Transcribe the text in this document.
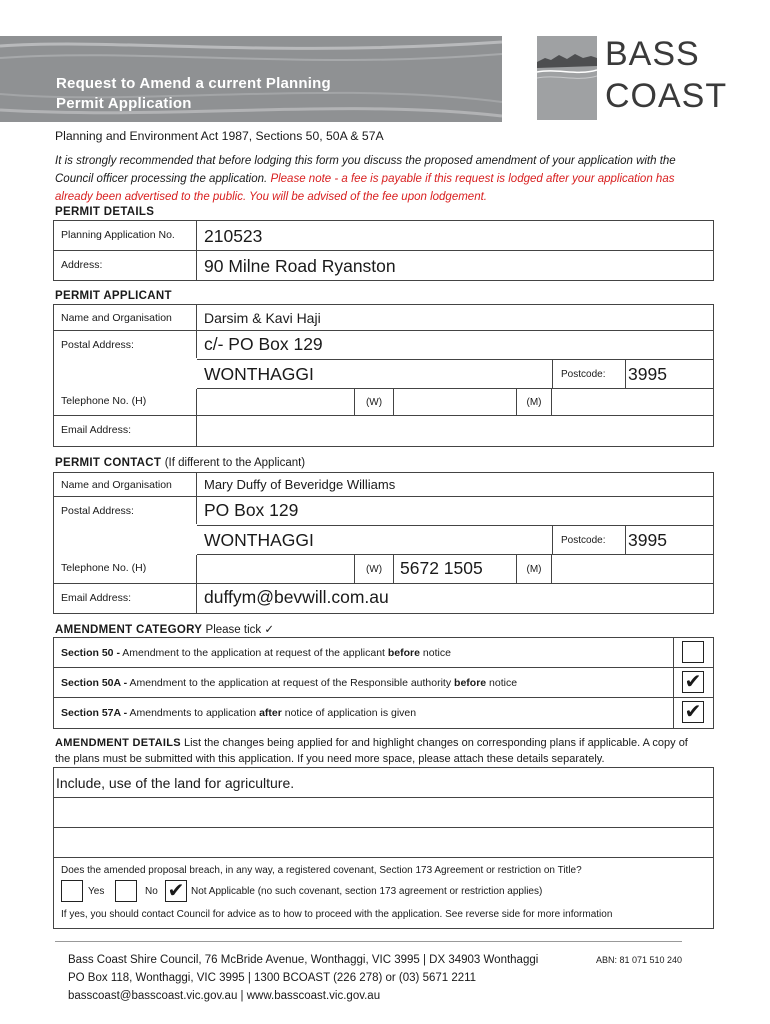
Request to Amend a current Planning
Permit Application
BASS
COAST
Planning and Environment Act 1987, Sections 50, 50A & 57A
It is strongly recommended that before lodging this form you discuss the proposed amendment of your application with the Council officer processing the application. Please note - a fee is payable if this request is lodged after your application has already been advertised to the public. You will be advised of the fee upon lodgement.
PERMIT DETAILS
Planning Application No.	210523
Address:	90 Milne Road Ryanston
PERMIT APPLICANT
Name and Organisation	Darsim & Kavi Haji
Postal Address:	c/- PO Box 129
WONTHAGGI	Postcode:	3995
Telephone No. (H)	(W)	(M)
Email Address:
PERMIT CONTACT (If different to the Applicant)
Name and Organisation	Mary Duffy of Beveridge Williams
Postal Address:	PO Box 129
WONTHAGGI	Postcode:	3995
Telephone No. (H)	(W)	5672 1505	(M)
Email Address:	duffym@bevwill.com.au
AMENDMENT CATEGORY Please tick ✓
Section 50 - Amendment to the application at request of the applicant before notice
Section 50A - Amendment to the application at request of the Responsible authority before notice	✔
Section 57A - Amendments to application after notice of application is given	✔
AMENDMENT DETAILS List the changes being applied for and highlight changes on corresponding plans if applicable. A copy of the plans must be submitted with this application. If you need more space, please attach these details separately.
Include, use of the land for agriculture.
Does the amended proposal breach, in any way, a registered covenant, Section 173 Agreement or restriction on Title?
Yes	No ✔ Not Applicable (no such covenant, section 173 agreement or restriction applies)
If yes, you should contact Council for advice as to how to proceed with the application. See reverse side for more information
Bass Coast Shire Council, 76 McBride Avenue, Wonthaggi, VIC 3995 | DX 34903 Wonthaggi
PO Box 118, Wonthaggi, VIC 3995 | 1300 BCOAST (226 278) or (03) 5671 2211
basscoast@basscoast.vic.gov.au | www.basscoast.vic.gov.au
ABN: 81 071 510 240
